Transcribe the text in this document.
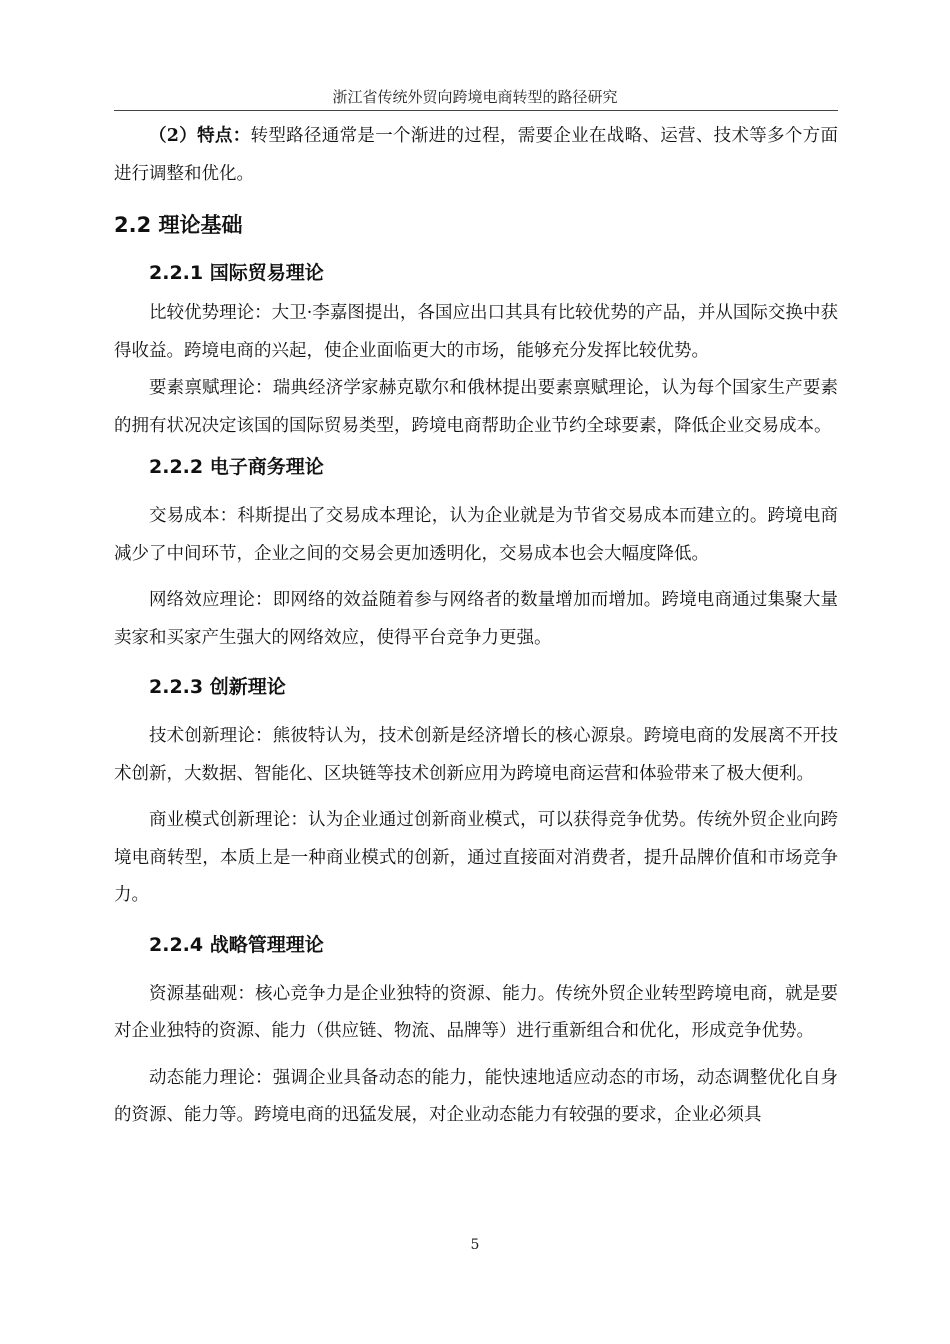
浙江省传统外贸向跨境电商转型的路径研究

（2）特点：转型路径通常是一个渐进的过程，需要企业在战略、运营、技术等多个方面进行调整和优化。

2.2 理论基础
2.2.1 国际贸易理论

比较优势理论：大卫·李嘉图提出，各国应出口其具有比较优势的产品，并从国际交换中获得收益。跨境电商的兴起，使企业面临更大的市场，能够充分发挥比较优势。

要素禀赋理论：瑞典经济学家赫克歇尔和俄林提出要素禀赋理论，认为每个国家生产要素的拥有状况决定该国的国际贸易类型，跨境电商帮助企业节约全球要素，降低企业交易成本。

2.2.2 电子商务理论

交易成本：科斯提出了交易成本理论，认为企业就是为节省交易成本而建立的。跨境电商减少了中间环节，企业之间的交易会更加透明化，交易成本也会大幅度降低。

网络效应理论：即网络的效益随着参与网络者的数量增加而增加。跨境电商通过集聚大量卖家和买家产生强大的网络效应，使得平台竞争力更强。

2.2.3 创新理论

技术创新理论：熊彼特认为，技术创新是经济增长的核心源泉。跨境电商的发展离不开技术创新，大数据、智能化、区块链等技术创新应用为跨境电商运营和体验带来了极大便利。

商业模式创新理论：认为企业通过创新商业模式，可以获得竞争优势。传统外贸企业向跨境电商转型，本质上是一种商业模式的创新，通过直接面对消费者，提升品牌价值和市场竞争力。

2.2.4 战略管理理论

资源基础观：核心竞争力是企业独特的资源、能力。传统外贸企业转型跨境电商，就是要对企业独特的资源、能力（供应链、物流、品牌等）进行重新组合和优化，形成竞争优势。

动态能力理论：强调企业具备动态的能力，能快速地适应动态的市场，动态调整优化自身的资源、能力等。跨境电商的迅猛发展，对企业动态能力有较强的要求，企业必须具

5
